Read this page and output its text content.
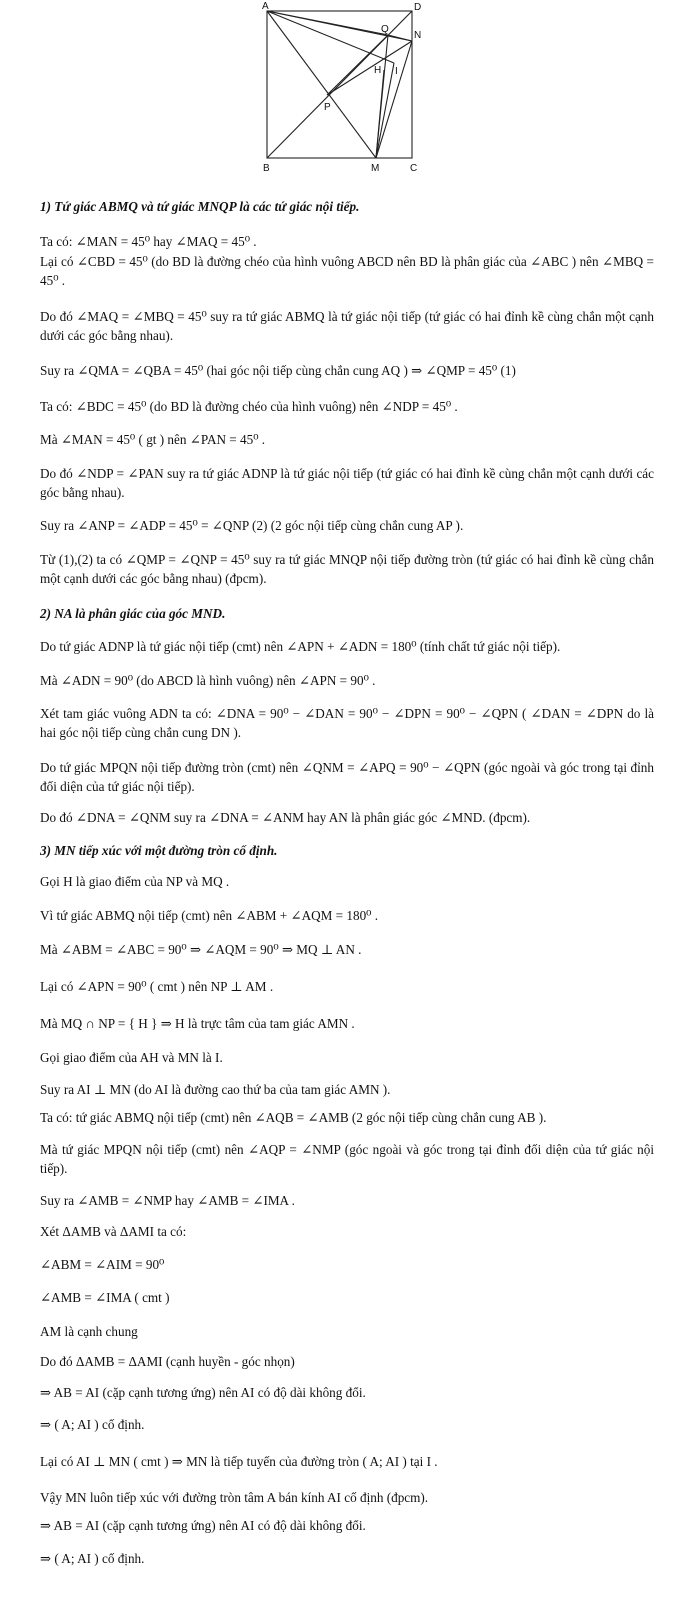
A	D
B	C
Q
N
H I
P
M
1) Tứ giác ABMQ và tứ giác MNQP là các tứ giác nội tiếp.
Ta có: ∠MAN = 45⁰ hay ∠MAQ = 45⁰ .
Lại có ∠CBD = 45⁰ (do BD là đường chéo của hình vuông ABCD nên BD là phân giác của ∠ABC ) nên ∠MBQ = 45⁰ .
Do đó ∠MAQ = ∠MBQ = 45⁰ suy ra tứ giác ABMQ là tứ giác nội tiếp (tứ giác có hai đỉnh kề cùng chắn một cạnh dưới các góc bằng nhau).
Suy ra ∠QMA = ∠QBA = 45⁰ (hai góc nội tiếp cùng chắn cung AQ ) ⇒ ∠QMP = 45⁰ (1)
Ta có: ∠BDC = 45⁰ (do BD là đường chéo của hình vuông) nên ∠NDP = 45⁰ .
Mà ∠MAN = 45⁰ ( gt ) nên ∠PAN = 45⁰ .
Do đó ∠NDP = ∠PAN suy ra tứ giác ADNP là tứ giác nội tiếp (tứ giác có hai đỉnh kề cùng chắn một cạnh dưới các góc bằng nhau).
Suy ra ∠ANP = ∠ADP = 45⁰ = ∠QNP (2) (2 góc nội tiếp cùng chắn cung AP ).
Từ (1),(2) ta có ∠QMP = ∠QNP = 45⁰ suy ra tứ giác MNQP nội tiếp đường tròn (tứ giác có hai đỉnh kề cùng chắn một cạnh dưới các góc bằng nhau) (đpcm).
2) NA là phân giác của góc MND.
Do tứ giác ADNP là tứ giác nội tiếp (cmt) nên ∠APN + ∠ADN = 180⁰ (tính chất tứ giác nội tiếp).
Mà ∠ADN = 90⁰ (do ABCD là hình vuông) nên ∠APN = 90⁰ .
Xét tam giác vuông ADN ta có: ∠DNA = 90⁰ − ∠DAN = 90⁰ − ∠DPN = 90⁰ − ∠QPN ( ∠DAN = ∠DPN do là hai góc nội tiếp cùng chắn cung DN ).
Do tứ giác MPQN nội tiếp đường tròn (cmt) nên ∠QNM = ∠APQ = 90⁰ − ∠QPN (góc ngoài và góc trong tại đỉnh đối diện của tứ giác nội tiếp).
Do đó ∠DNA = ∠QNM suy ra ∠DNA = ∠ANM hay AN là phân giác góc ∠MND. (đpcm).
3) MN tiếp xúc với một đường tròn cố định.
Gọi H là giao điểm của NP và MQ .
Vì tứ giác ABMQ nội tiếp (cmt) nên ∠ABM + ∠AQM = 180⁰ .
Mà ∠ABM = ∠ABC = 90⁰ ⇒ ∠AQM = 90⁰ ⇒ MQ ⊥ AN .
Lại có ∠APN = 90⁰ ( cmt ) nên NP ⊥ AM .
Mà MQ ∩ NP = { H } ⇒ H là trực tâm của tam giác AMN .
Gọi giao điểm của AH và MN là I.
Suy ra AI ⊥ MN (do AI là đường cao thứ ba của tam giác AMN ).
Ta có: tứ giác ABMQ nội tiếp (cmt) nên ∠AQB = ∠AMB (2 góc nội tiếp cùng chắn cung AB ).
Mà tứ giác MPQN nội tiếp (cmt) nên ∠AQP = ∠NMP (góc ngoài và góc trong tại đỉnh đối diện của tứ giác nội tiếp).
Suy ra ∠AMB = ∠NMP hay ∠AMB = ∠IMA .
Xét ΔAMB và ΔAMI ta có:
∠ABM = ∠AIM = 90⁰
∠AMB = ∠IMA ( cmt )
AM là cạnh chung
Do đó ΔAMB = ΔAMI (cạnh huyền - góc nhọn)
⇒ AB = AI (cặp cạnh tương ứng) nên AI có độ dài không đổi.
⇒ ( A; AI ) cố định.
Lại có AI ⊥ MN ( cmt ) ⇒ MN là tiếp tuyến của đường tròn ( A; AI ) tại I .
Vậy MN luôn tiếp xúc với đường tròn tâm A bán kính AI cố định (đpcm).
⇒ AB = AI (cặp cạnh tương ứng) nên AI có độ dài không đổi.
⇒ ( A; AI ) cố định.
